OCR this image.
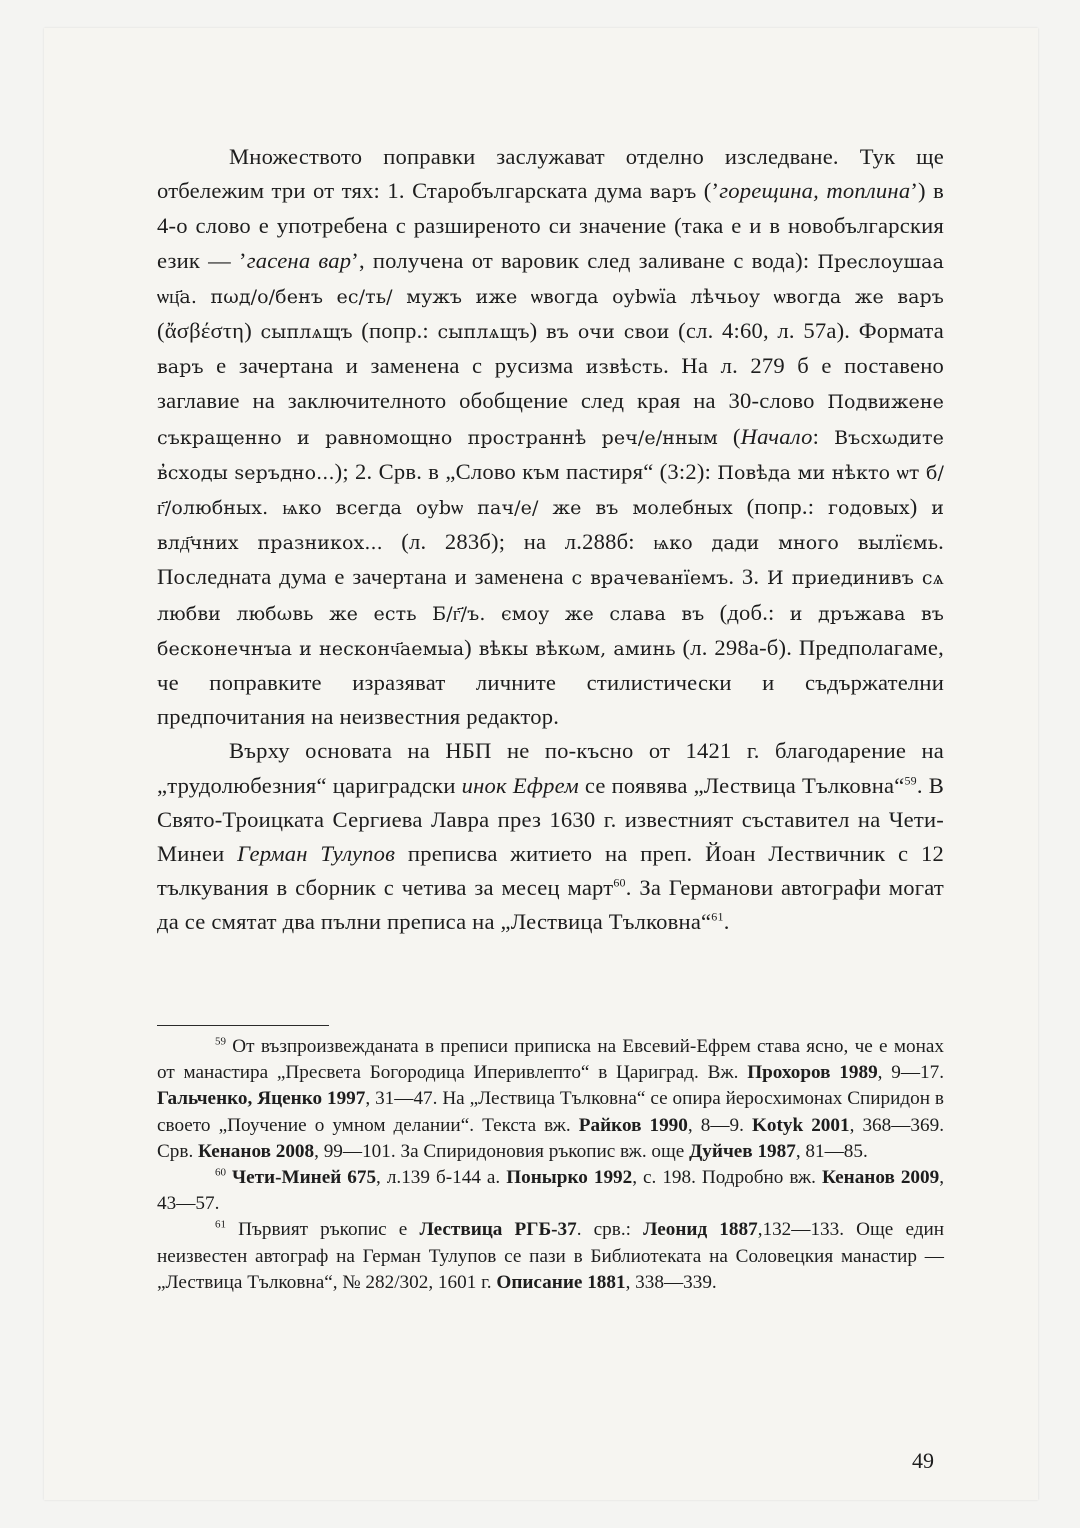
Множеството поправки заслужават отделно изследване. Тук ще отбележим три от тях: 1. Старобългарската дума варъ (’горещина, топлина’) в 4-о слово е употребена с разширеното си значение (така е и в новобългарския език — ’гасена вар’, получена от варовик след заливане с вода): Преслоушаа ѡц҃а. пωд/о/бенъ ес/ть/ мужъ иже ѡвогда оуbѡїа лѣчьоу ѡвогда же варъ (ἄσβέστη) сыплѧщъ (попр.: сыплѧщъ) въ очи свои (сл. 4:60, л. 57а). Формата варъ е зачертана и заменена с русизма извѣсть. На л. 279 б е поставено заглавие на заключителното обобщение след края на 30-слово Подвижене съкращенно и равномощно пространнѣ реч/е/нным (Начало: Въсхωдите в̓сходы ѕеръдно...); 2. Срв. в „Слово към пастиря“ (3:2): Повѣда ми нѣкто ѡт б/г҃/олюбных. ѩко всегда оуbѡ пач/е/ же въ молебных (попр.: годовых) и влд҃чних празникох... (л. 283б); на л.288б: ѩко дади много вылїємь. Последната дума е зачертана и заменена с врачеванїемъ. 3. И приединивъ сѧ любви любωвь же есть Б/г҃/ъ. ємоу же слава въ (доб.: и дръжава въ бесконечнꙑа и несконч҃аемыа) вѣкы вѣкωм, аминь (л. 298а-б). Предполагаме, че поправките изразяват личните стилистически и съдържателни предпочитания на неизвестния редактор.

Върху основата на НБП не по-късно от 1421 г. благодарение на „трудолюбезния“ цариградски инок Ефрем се появява „Лествица Тълковна“$^{59}$. В Свято-Троицката Сергиева Лавра през 1630 г. известният съставител на Чети-Минеи Герман Тулупов преписва житието на преп. Йоан Лествичник с 12 тълкувания в сборник с четива за месец март$^{60}$. За Германови автографи могат да се смятат два пълни преписа на „Лествица Тълковна“$^{61}$.

$^{59}$ От възпроизвежданата в преписи приписка на Евсевий-Ефрем става ясно, че е монах от манастира „Пресвета Богородица Иперивлепто“ в Цариград. Вж. Прохоров 1989, 9—17. Гальченко, Яценко 1997, 31—47. На „Лествица Тълковна“ се опира йеросхимонах Спиридон в своето „Поучение о умном делании“. Текста вж. Райков 1990, 8—9. Kotyk 2001, 368—369. Срв. Кенанов 2008, 99—101. За Спиридоновия ръкопис вж. още Дуйчев 1987, 81—85.

$^{60}$ Чети-Миней 675, л.139 б-144 а. Понырко 1992, с. 198. Подробно вж. Кенанов 2009, 43—57.

$^{61}$ Първият ръкопис е Лествица РГБ-37. срв.: Леонид 1887,132—133. Още един неизвестен автограф на Герман Тулупов се пази в Библиотеката на Соловецкия манастир — „Лествица Тълковна“, № 282/302, 1601 г. Описание 1881, 338—339.

49
